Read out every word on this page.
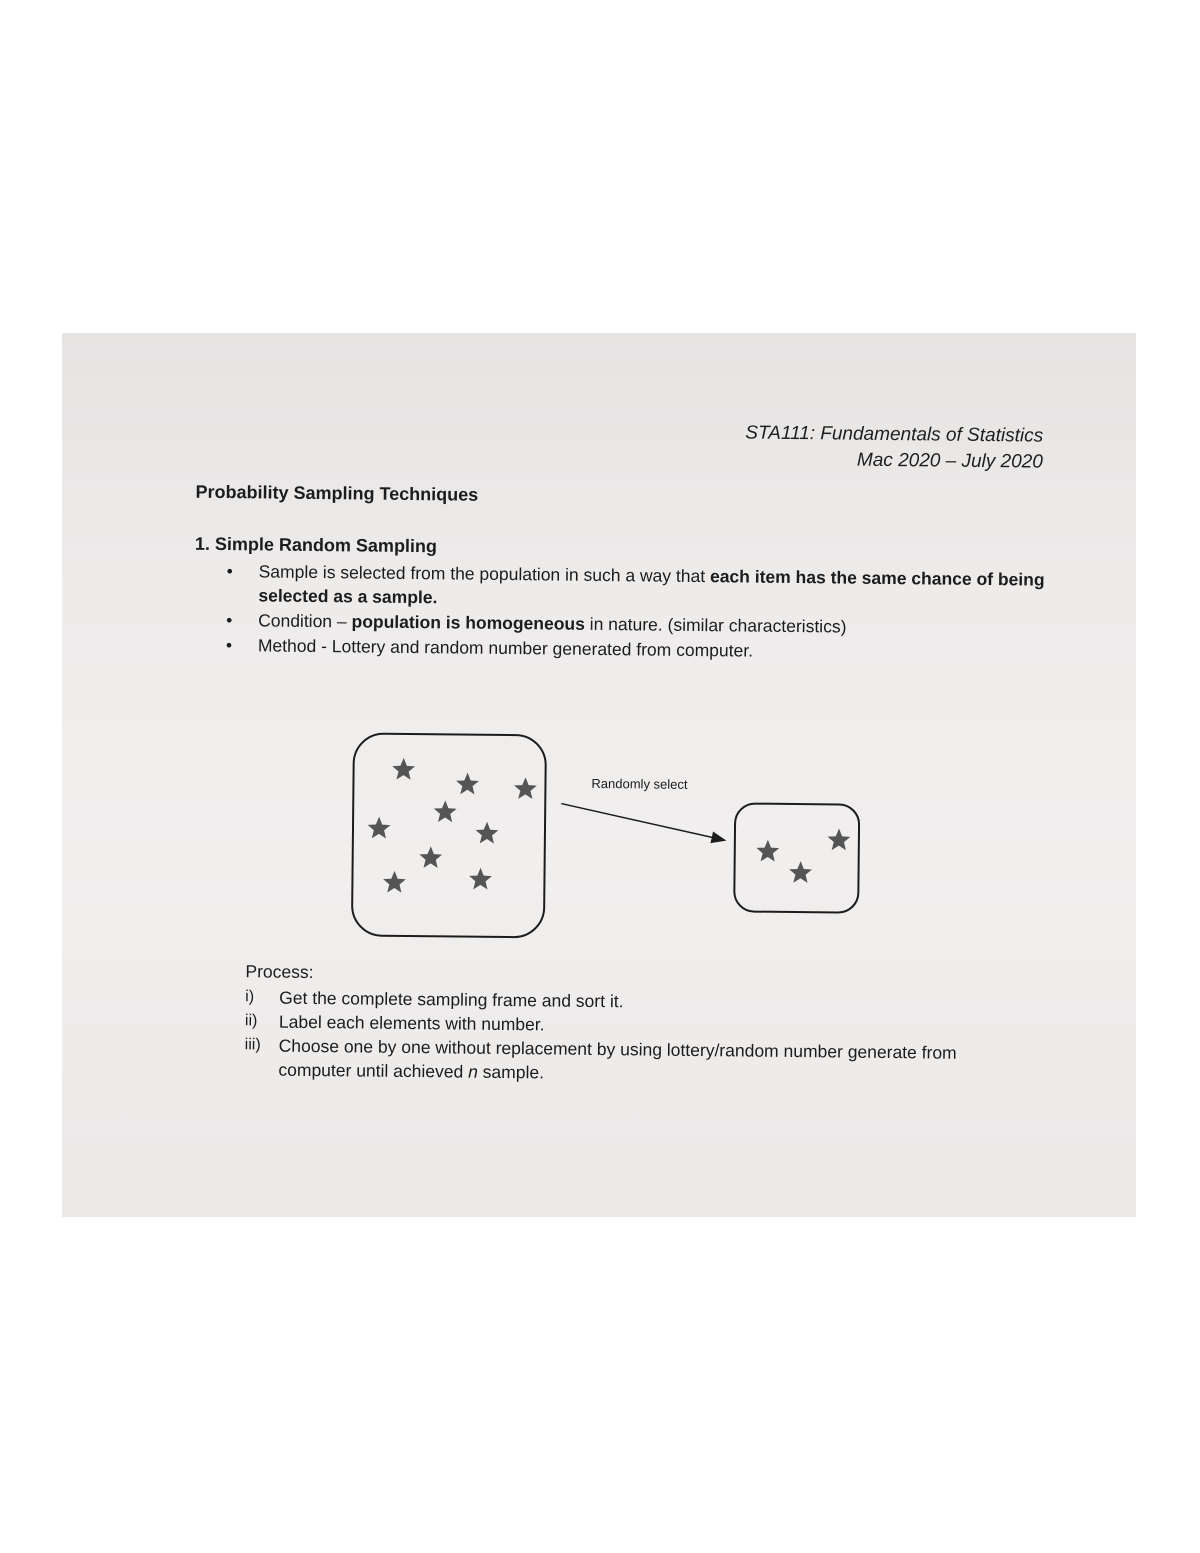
STA111: Fundamentals of Statistics
Mac 2020 – July 2020
Probability Sampling Techniques
1. Simple Random Sampling
• Sample is selected from the population in such a way that each item has the same chance of being selected as a sample.
• Condition – population is homogeneous in nature. (similar characteristics)
• Method - Lottery and random number generated from computer.
Randomly select

Process:

i) Get the complete sampling frame and sort it.
ii) Label each elements with number.
iii) Choose one by one without replacement by using lottery/random number generate from computer until achieved n sample.
